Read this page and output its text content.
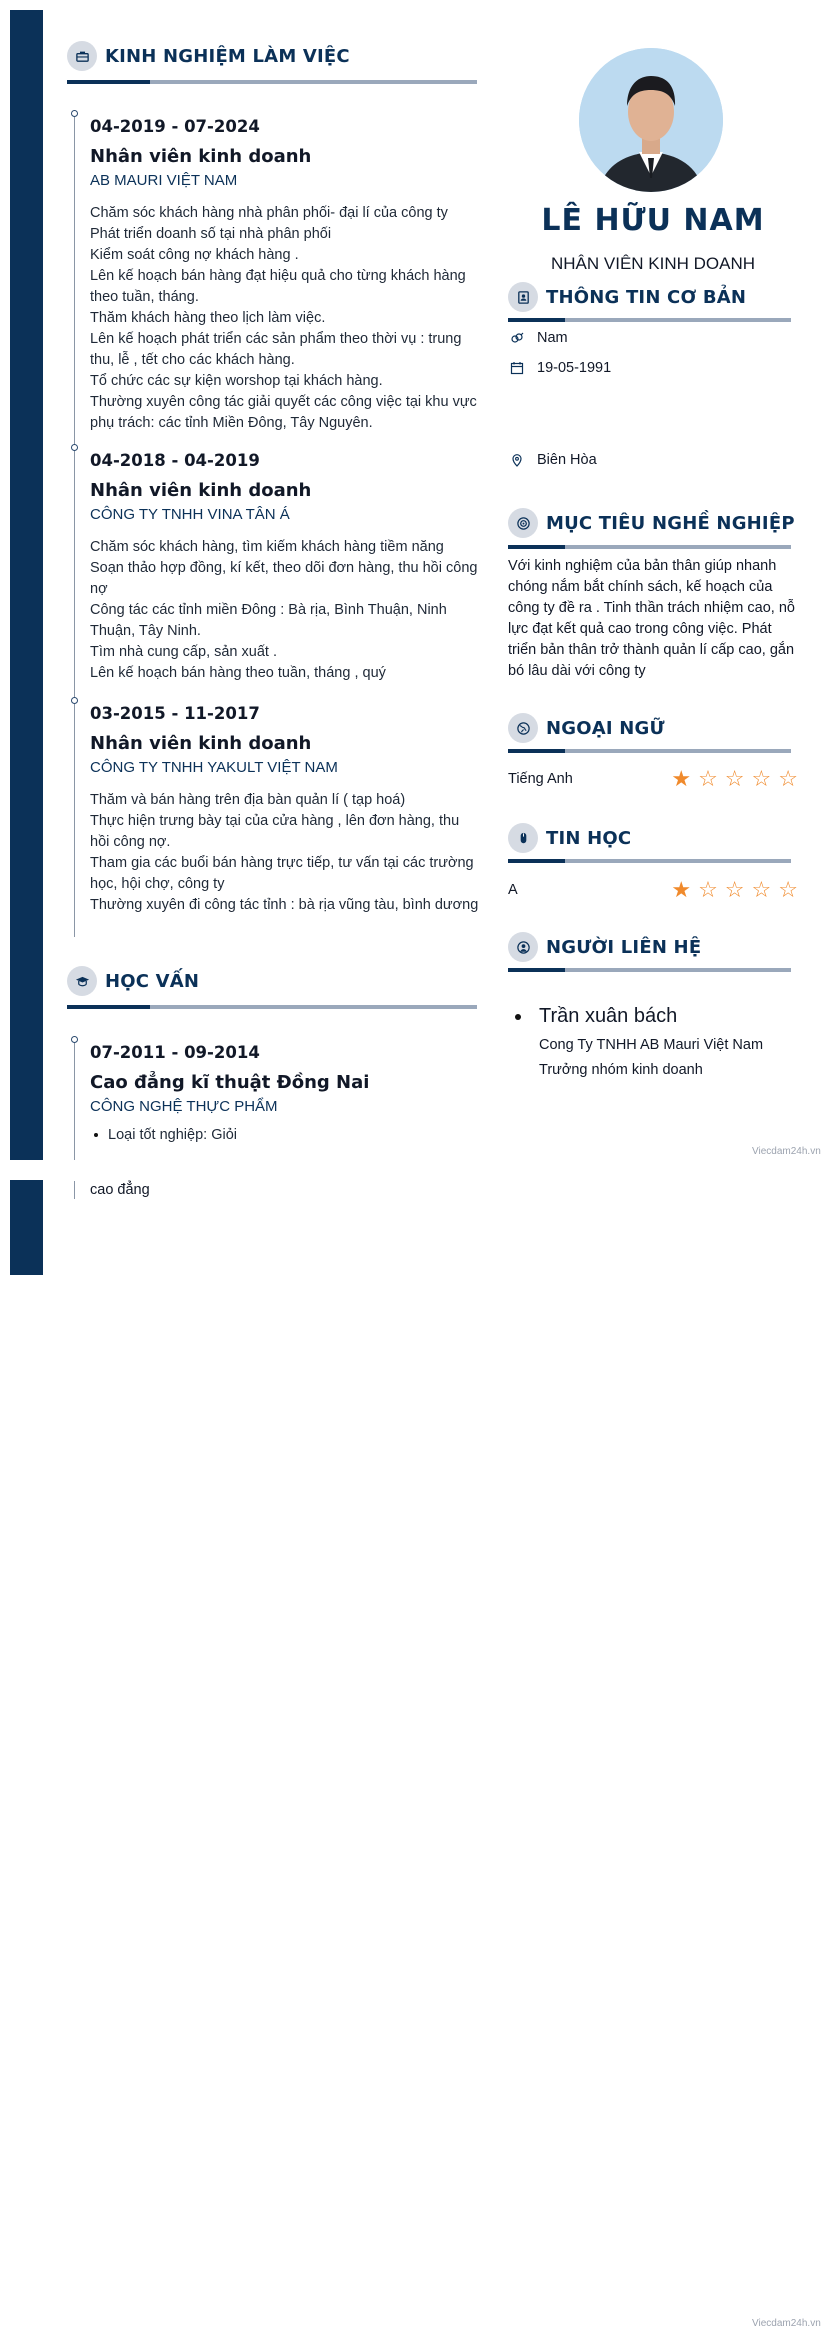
KINH NGHIỆM LÀM VIỆC
04-2019 - 07-2024
Nhân viên kinh doanh
AB MAURI VIỆT NAM
Chăm sóc khách hàng nhà phân phối- đại lí của công ty
Phát triển doanh số tại nhà phân phối
Kiểm soát công nợ khách hàng .
Lên kế hoạch bán hàng đạt hiệu quả cho từng khách hàng theo tuần, tháng.
Thăm khách hàng theo lịch làm việc.
Lên kế hoạch phát triển các sản phẩm theo thời vụ : trung thu, lễ , tết cho các khách hàng.
Tổ chức các sự kiện worshop tại khách hàng.
Thường xuyên công tác giải quyết các công việc tại khu vực phụ trách: các tỉnh Miền Đông, Tây Nguyên.
04-2018 - 04-2019
Nhân viên kinh doanh
CÔNG TY TNHH VINA TÂN Á
Chăm sóc khách hàng, tìm kiếm khách hàng tiềm năng
Soạn thảo hợp đồng, kí kết, theo dõi đơn hàng, thu hồi công nợ
Công tác các tỉnh miền Đông : Bà rịa, Bình Thuận, Ninh Thuận, Tây Ninh.
Tìm nhà cung cấp, sản xuất .
Lên kế hoạch bán hàng theo tuần, tháng , quý
03-2015 - 11-2017
Nhân viên kinh doanh
CÔNG TY TNHH YAKULT VIỆT NAM
Thăm và bán hàng trên địa bàn quản lí ( tạp hoá)
Thực hiện trưng bày tại của cửa hàng , lên đơn hàng, thu hồi công nợ.
Tham gia các buổi bán hàng trực tiếp, tư vấn tại các trường học, hội chợ, công ty
Thường xuyên đi công tác tỉnh : bà rịa vũng tàu, bình dương
HỌC VẤN
07-2011 - 09-2014
Cao đẳng kĩ thuật Đồng Nai
CÔNG NGHỆ THỰC PHẨM
Loại tốt nghiệp: Giỏi
cao đẳng
LÊ HỮU NAM
NHÂN VIÊN KINH DOANH
THÔNG TIN CƠ BẢN
Nam
19-05-1991
Biên Hòa
MỤC TIÊU NGHỀ NGHIỆP
Với kinh nghiệm của bản thân giúp nhanh chóng nắm bắt chính sách, kế hoạch của công ty đề ra . Tinh thần trách nhiệm cao, nỗ lực đạt kết quả cao trong công việc. Phát triển bản thân trở thành quản lí cấp cao, gắn bó lâu dài với công ty
NGOẠI NGỮ
Tiếng Anh	★ ☆ ☆ ☆ ☆
TIN HỌC
A	★ ☆ ☆ ☆ ☆
NGƯỜI LIÊN HỆ
Trần xuân bách
Cong Ty TNHH AB Mauri Việt Nam
Trưởng nhóm kinh doanh
Viecdam24h.vn
Viecdam24h.vn
